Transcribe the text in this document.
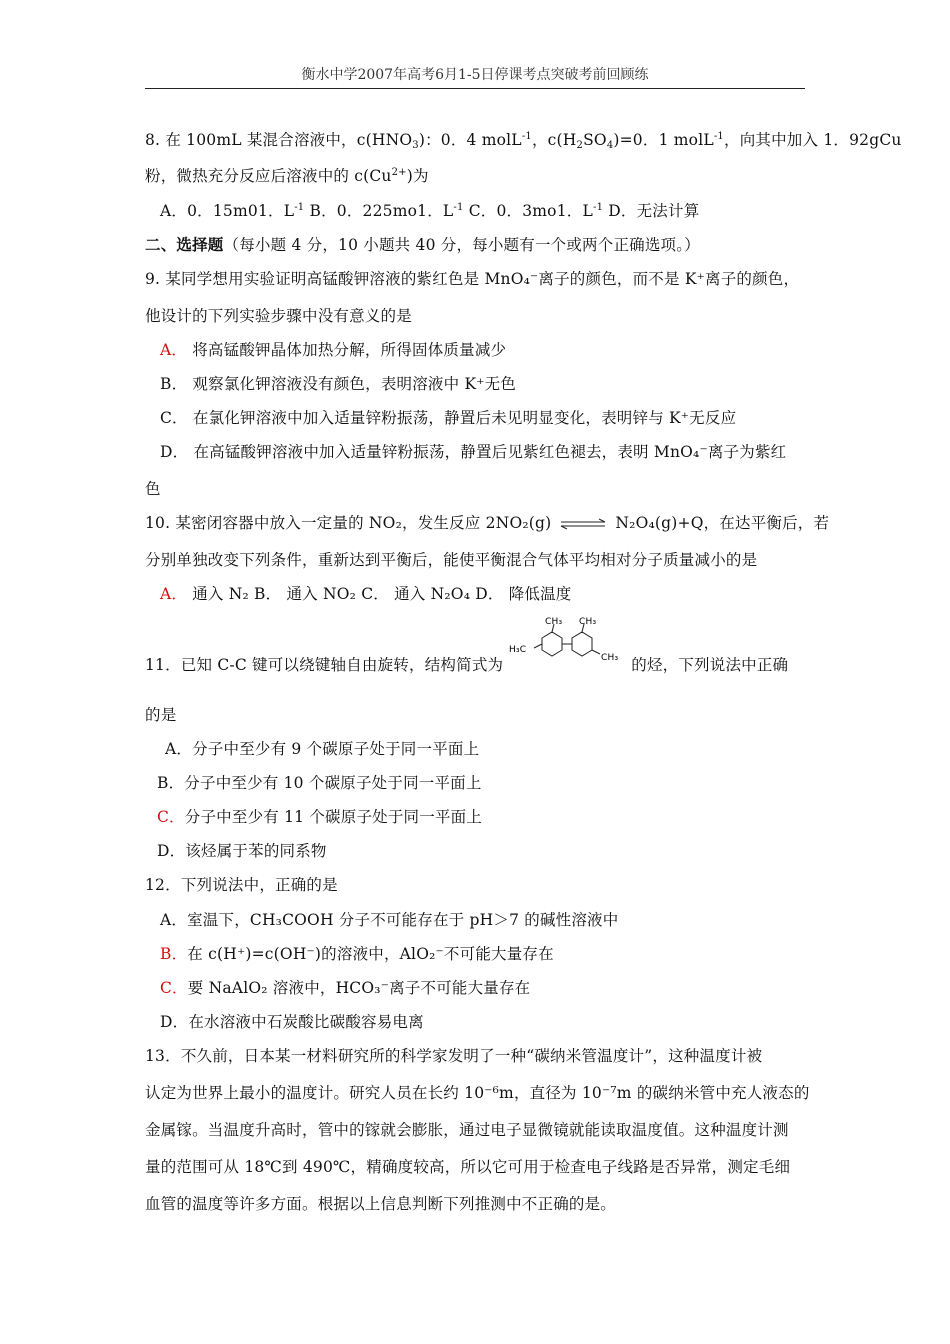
衡水中学2007年高考6月1-5日停课考点突破考前回顾练
8. 在 100mL 某混合溶液中，$c(HNO_3)$：0．4 molL$^{-1}$，$c(H_2SO_4)=0$．1 molL$^{-1}$，向其中加入 1．92gCu
粉，微热充分反应后溶液中的 $c(Cu^{2+})$为
A．0．15m01．$L^{-1}$ B．0．225mo1．$L^{-1}$ C．0．3mo1．$L^{-1}$ D．无法计算
二、选择题（每小题 4 分，10 小题共 40 分，每小题有一个或两个正确选项。）
9. 某同学想用实验证明高锰酸钾溶液的紫红色是 MnO₄⁻离子的颜色，而不是 K⁺离子的颜色，
他设计的下列实验步骤中没有意义的是
A． 将高锰酸钾晶体加热分解，所得固体质量减少
B． 观察氯化钾溶液没有颜色，表明溶液中 K⁺无色
C． 在氯化钾溶液中加入适量锌粉振荡，静置后未见明显变化，表明锌与 K⁺无反应
D． 在高锰酸钾溶液中加入适量锌粉振荡，静置后见紫红色褪去，表明 MnO₄⁻离子为紫红
色
10. 某密闭容器中放入一定量的 NO₂，发生反应 2NO₂(g) ⇌ N₂O₄(g)+Q，在达平衡后，若
分别单独改变下列条件，重新达到平衡后，能使平衡混合气体平均相对分子质量减小的是
A． 通入 N₂ B． 通入 NO₂ C． 通入 N₂O₄ D． 降低温度
11．已知 C-C 键可以绕键轴自由旋转，结构简式为
CH₃ CH₃
H₃C
CH₃ 的烃，下列说法中正确
的是
A．分子中至少有 9 个碳原子处于同一平面上
B．分子中至少有 10 个碳原子处于同一平面上
C．分子中至少有 11 个碳原子处于同一平面上
D．该烃属于苯的同系物
12．下列说法中，正确的是
A．室温下，CH₃COOH 分子不可能存在于 pH＞7 的碱性溶液中
B．在 c(H⁺)=c(OH⁻)的溶液中，AlO₂⁻不可能大量存在
C．要 NaAlO₂ 溶液中，HCO₃⁻离子不可能大量存在
D．在水溶液中石炭酸比碳酸容易电离
13．不久前，日本某一材料研究所的科学家发明了一种“碳纳米管温度计”，这种温度计被
认定为世界上最小的温度计。研究人员在长约 10⁻⁶m，直径为 10⁻⁷m 的碳纳米管中充人液态的
金属镓。当温度升高时，管中的镓就会膨胀，通过电子显微镜就能读取温度值。这种温度计测
量的范围可从 18℃到 490℃，精确度较高，所以它可用于检查电子线路是否异常，测定毛细
血管的温度等许多方面。根据以上信息判断下列推测中不正确的是。
